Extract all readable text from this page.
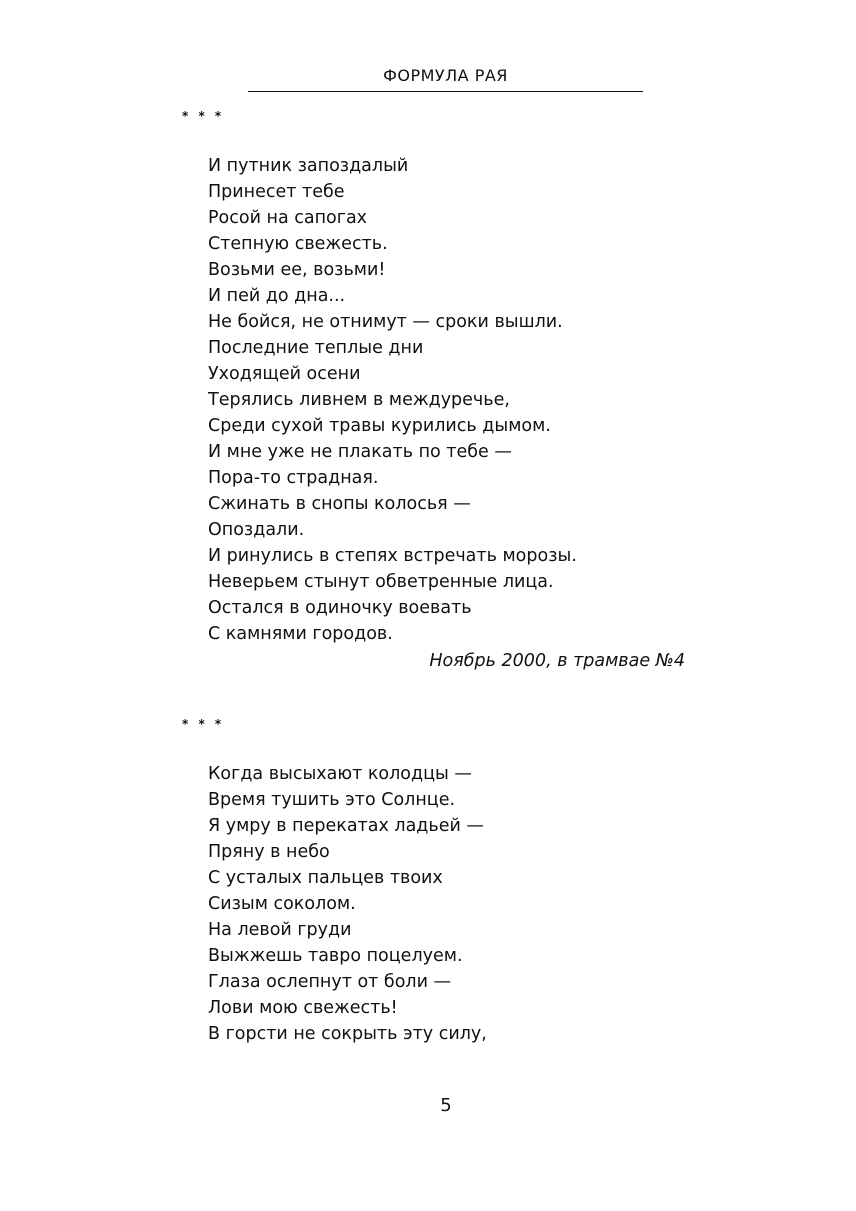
ФОРМУЛА РАЯ
* * *
И путник запоздалый
Принесет тебе
Росой на сапогах
Степную свежесть.
Возьми ее, возьми!
И пей до дна...
Не бойся, не отнимут — сроки вышли.
Последние теплые дни
Уходящей осени
Терялись ливнем в междуречье,
Среди сухой травы курились дымом.
И мне уже не плакать по тебе —
Пора-то страдная.
Сжинать в снопы колосья —
Опоздали.
И ринулись в степях встречать морозы.
Неверьем стынут обветренные лица.
Остался в одиночку воевать
С камнями городов.
Ноябрь 2000, в трамвае №4
* * *
Когда высыхают колодцы —
Время тушить это Солнце.
Я умру в перекатах ладьей —
Пряну в небо
С усталых пальцев твоих
Сизым соколом.
На левой груди
Выжжешь тавро поцелуем.
Глаза ослепнут от боли —
Лови мою свежесть!
В горсти не сокрыть эту силу,
5
